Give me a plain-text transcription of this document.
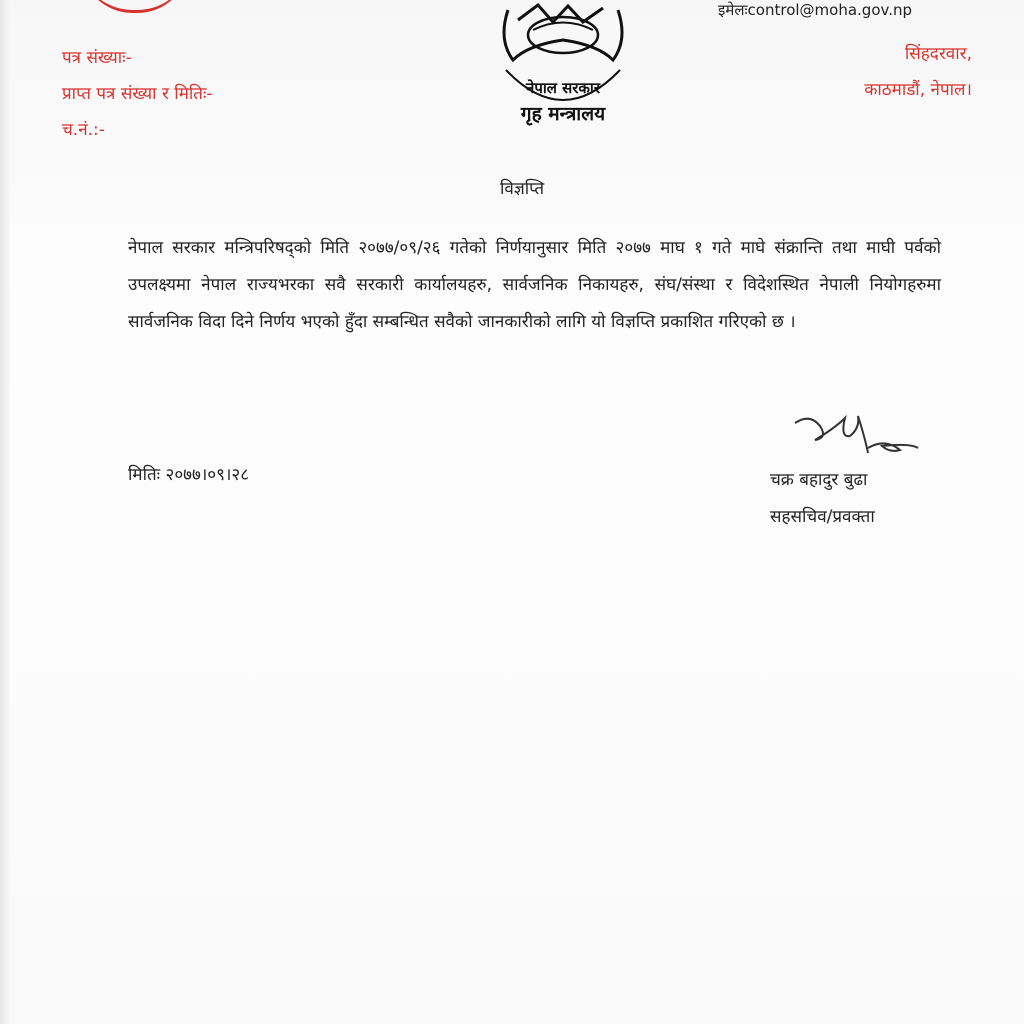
इमेलःcontrol@moha.gov.np
पत्र संख्याः-
प्राप्त पत्र संख्या र मितिः-
च.नं.:-
सिंहदरवार,
काठमाडौं, नेपाल।
नेपाल सरकार
गृह मन्त्रालय
विज्ञप्ति
नेपाल सरकार मन्त्रिपरिषद्को मिति २०७७/०९/२६ गतेको निर्णयानुसार मिति २०७७ माघ १ गते माघे संक्रान्ति तथा माघी पर्वको उपलक्ष्यमा नेपाल राज्यभरका सवै सरकारी कार्यालयहरु, सार्वजनिक निकायहरु, संघ/संस्था र विदेशस्थित नेपाली नियोगहरुमा सार्वजनिक विदा दिने निर्णय भएको हुँदा सम्बन्धित सवैको जानकारीको लागि यो विज्ञप्ति प्रकाशित गरिएको छ ।
मितिः २०७७।०९।२८	चक्र बहादुर बुढा
सहसचिव/प्रवक्ता
